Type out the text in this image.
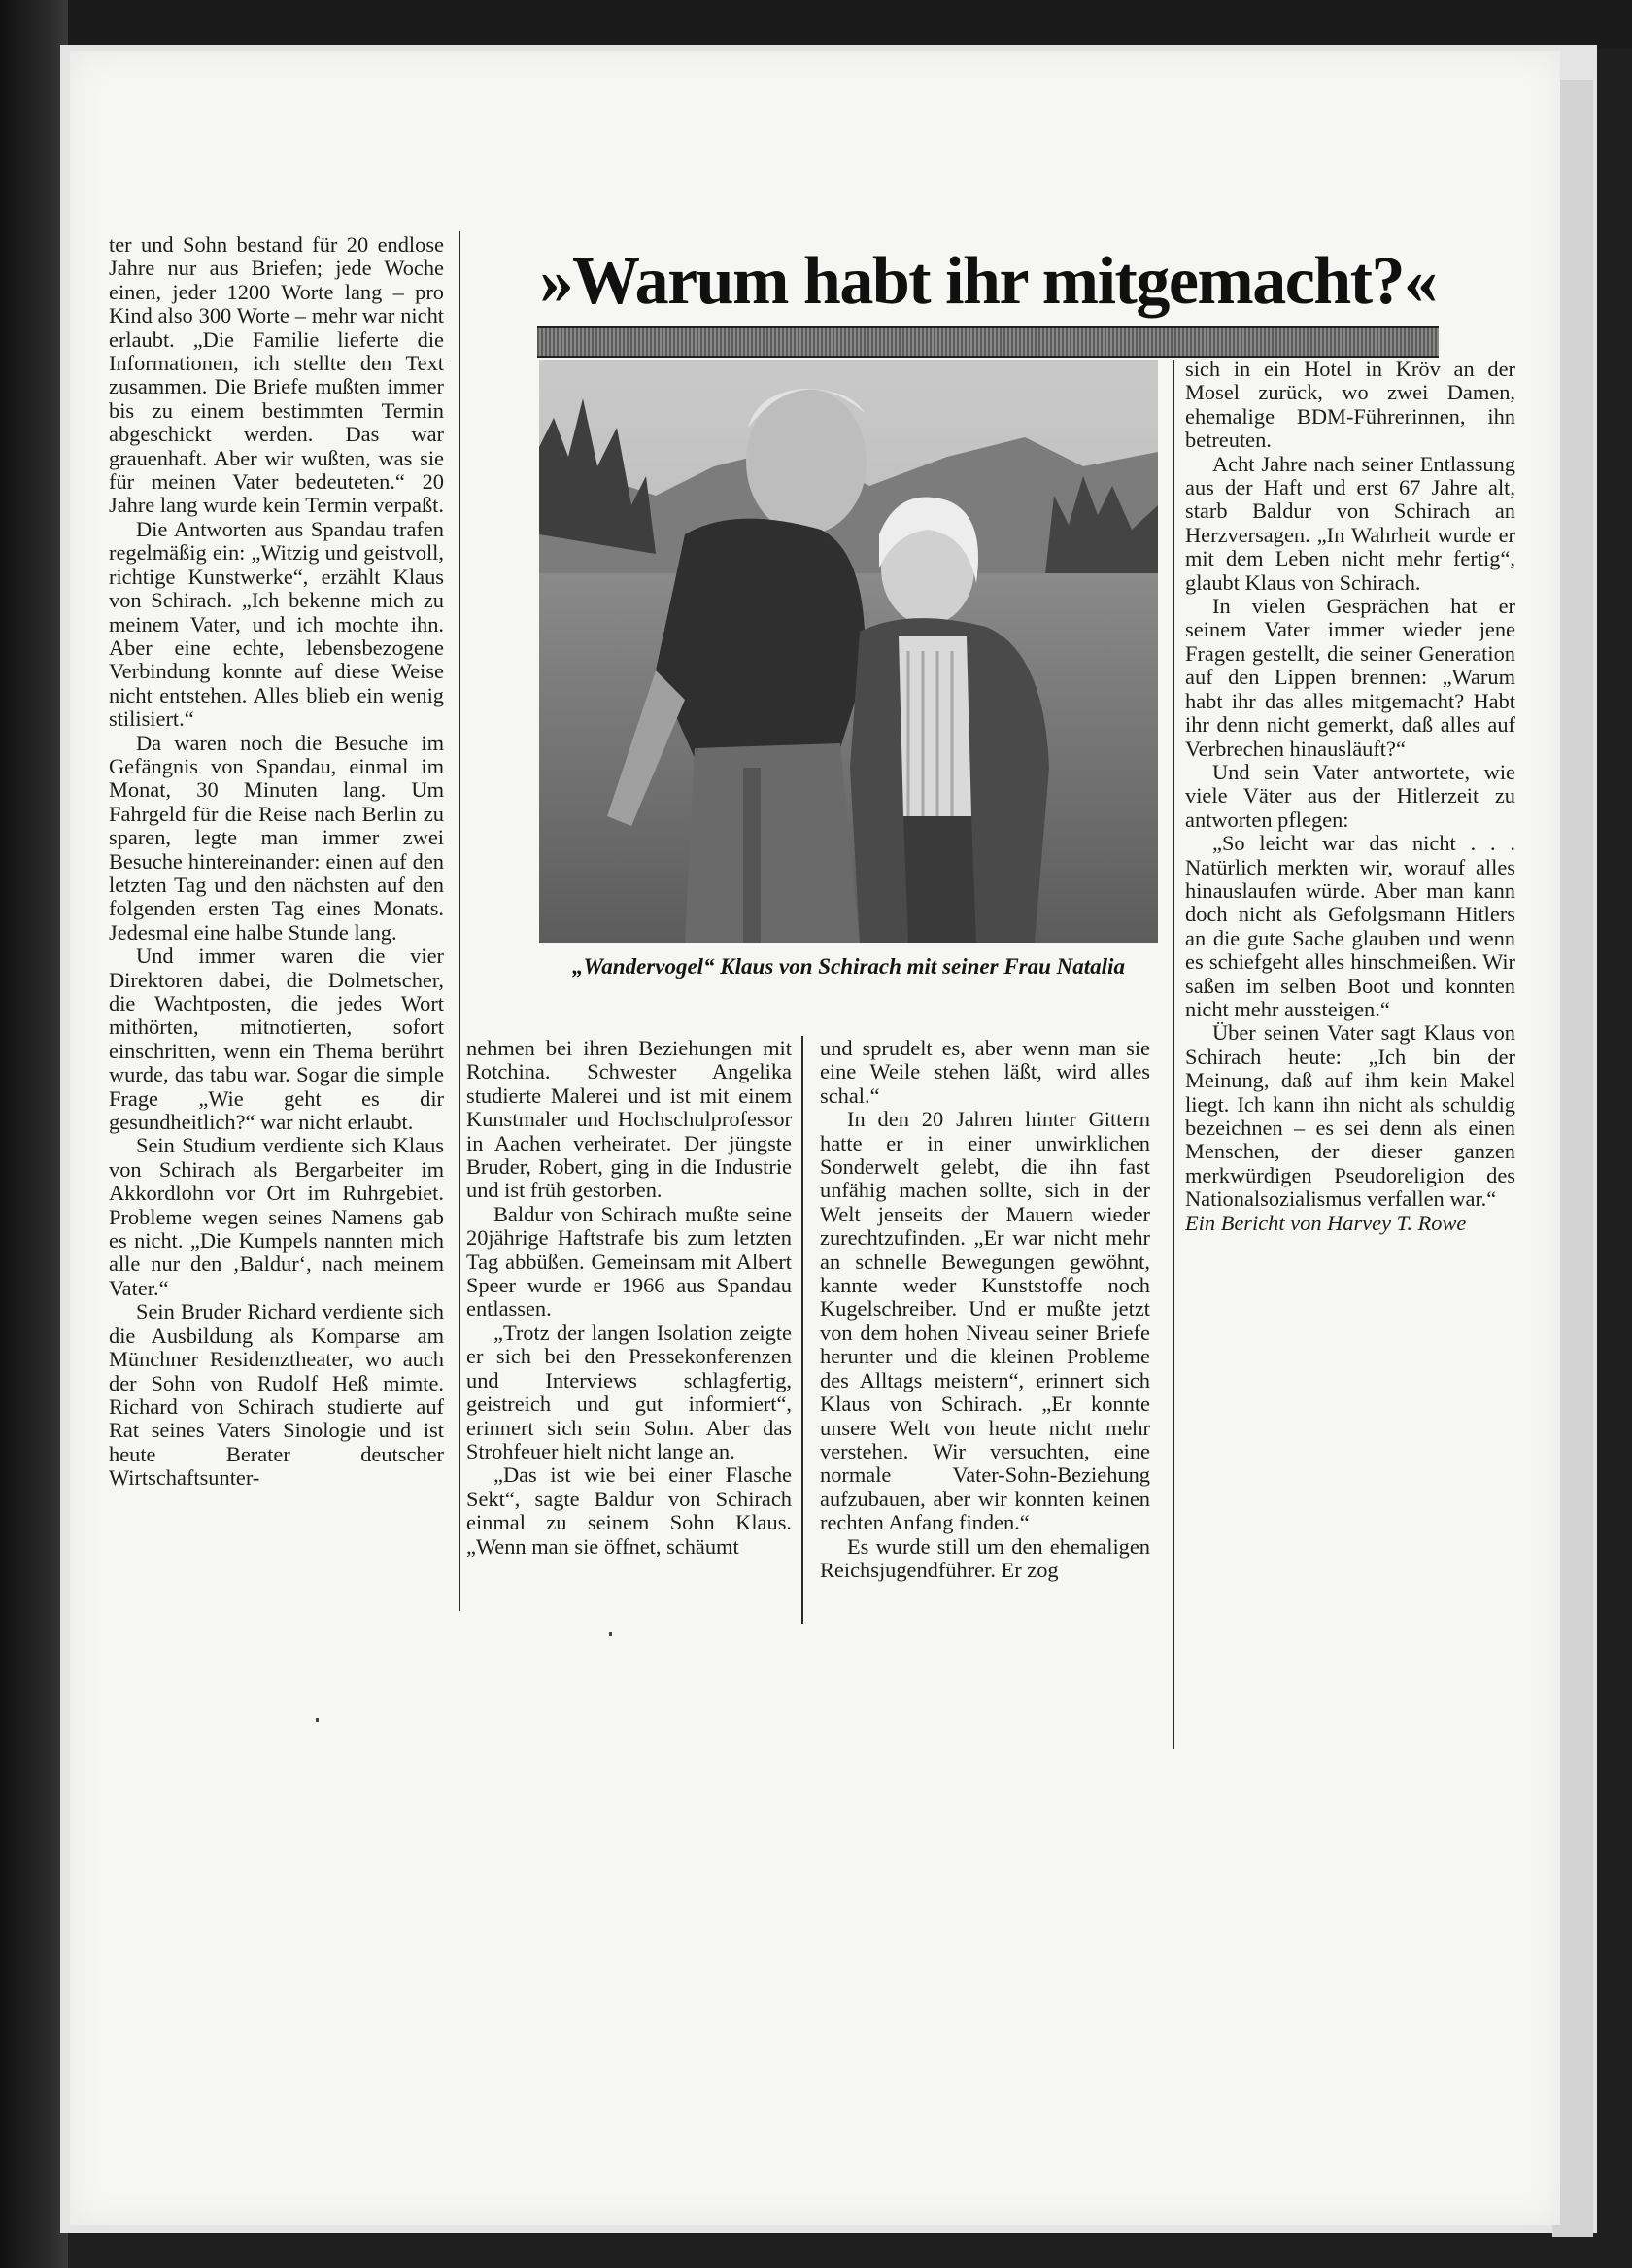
ter und Sohn bestand für 20 endlose Jahre nur aus Briefen; jede Woche einen, jeder 1200 Worte lang – pro Kind also 300 Worte – mehr war nicht erlaubt. „Die Familie lieferte die Informationen, ich stellte den Text zusammen. Die Briefe mußten immer bis zu einem bestimmten Termin abgeschickt werden. Das war grauenhaft. Aber wir wußten, was sie für meinen Vater bedeuteten.“ 20 Jahre lang wurde kein Termin verpaßt.

Die Antworten aus Spandau trafen regelmäßig ein: „Witzig und geistvoll, richtige Kunstwerke“, erzählt Klaus von Schirach. „Ich bekenne mich zu meinem Vater, und ich mochte ihn. Aber eine echte, lebensbezogene Verbindung konnte auf diese Weise nicht entstehen. Alles blieb ein wenig stilisiert.“

Da waren noch die Besuche im Gefängnis von Spandau, einmal im Monat, 30 Minuten lang. Um Fahrgeld für die Reise nach Berlin zu sparen, legte man immer zwei Besuche hintereinander: einen auf den letzten Tag und den nächsten auf den folgenden ersten Tag eines Monats. Jedesmal eine halbe Stunde lang.

Und immer waren die vier Direktoren dabei, die Dolmetscher, die Wachtposten, die jedes Wort mithörten, mitnotierten, sofort einschritten, wenn ein Thema berührt wurde, das tabu war. Sogar die simple Frage „Wie geht es dir gesundheitlich?“ war nicht erlaubt.

Sein Studium verdiente sich Klaus von Schirach als Bergarbeiter im Akkordlohn vor Ort im Ruhrgebiet. Probleme wegen seines Namens gab es nicht. „Die Kumpels nannten mich alle nur den ‚Baldur‘, nach meinem Vater.“

Sein Bruder Richard verdiente sich die Ausbildung als Komparse am Münchner Residenztheater, wo auch der Sohn von Rudolf Heß mimte. Richard von Schirach studierte auf Rat seines Vaters Sinologie und ist heute Berater deutscher Wirtschaftsunter-

»Warum habt ihr mitgemacht?«
„Wandervogel“ Klaus von Schirach mit seiner Frau Natalia

nehmen bei ihren Beziehungen mit Rotchina. Schwester Angelika studierte Malerei und ist mit einem Kunstmaler und Hochschulprofessor in Aachen verheiratet. Der jüngste Bruder, Robert, ging in die Industrie und ist früh gestorben.

Baldur von Schirach mußte seine 20jährige Haftstrafe bis zum letzten Tag abbüßen. Gemeinsam mit Albert Speer wurde er 1966 aus Spandau entlassen.

„Trotz der langen Isolation zeigte er sich bei den Pressekonferenzen und Interviews schlagfertig, geistreich und gut informiert“, erinnert sich sein Sohn. Aber das Strohfeuer hielt nicht lange an.

„Das ist wie bei einer Flasche Sekt“, sagte Baldur von Schirach einmal zu seinem Sohn Klaus. „Wenn man sie öffnet, schäumt

und sprudelt es, aber wenn man sie eine Weile stehen läßt, wird alles schal.“

In den 20 Jahren hinter Gittern hatte er in einer unwirklichen Sonderwelt gelebt, die ihn fast unfähig machen sollte, sich in der Welt jenseits der Mauern wieder zurechtzufinden. „Er war nicht mehr an schnelle Bewegungen gewöhnt, kannte weder Kunststoffe noch Kugelschreiber. Und er mußte jetzt von dem hohen Niveau seiner Briefe herunter und die kleinen Probleme des Alltags meistern“, erinnert sich Klaus von Schirach. „Er konnte unsere Welt von heute nicht mehr verstehen. Wir versuchten, eine normale Vater-Sohn-Beziehung aufzubauen, aber wir konnten keinen rechten Anfang finden.“

Es wurde still um den ehemaligen Reichsjugendführer. Er zog

sich in ein Hotel in Kröv an der Mosel zurück, wo zwei Damen, ehemalige BDM-Führerinnen, ihn betreuten.

Acht Jahre nach seiner Entlassung aus der Haft und erst 67 Jahre alt, starb Baldur von Schirach an Herzversagen. „In Wahrheit wurde er mit dem Leben nicht mehr fertig“, glaubt Klaus von Schirach.

In vielen Gesprächen hat er seinem Vater immer wieder jene Fragen gestellt, die seiner Generation auf den Lippen brennen: „Warum habt ihr das alles mitgemacht? Habt ihr denn nicht gemerkt, daß alles auf Verbrechen hinausläuft?“

Und sein Vater antwortete, wie viele Väter aus der Hitlerzeit zu antworten pflegen:

„So leicht war das nicht . . . Natürlich merkten wir, worauf alles hinauslaufen würde. Aber man kann doch nicht als Gefolgsmann Hitlers an die gute Sache glauben und wenn es schiefgeht alles hinschmeißen. Wir saßen im selben Boot und konnten nicht mehr aussteigen.“

Über seinen Vater sagt Klaus von Schirach heute: „Ich bin der Meinung, daß auf ihm kein Makel liegt. Ich kann ihn nicht als schuldig bezeichnen – es sei denn als einen Menschen, der dieser ganzen merkwürdigen Pseudoreligion des Nationalsozialismus verfallen war.“

Ein Bericht von Harvey T. Rowe
